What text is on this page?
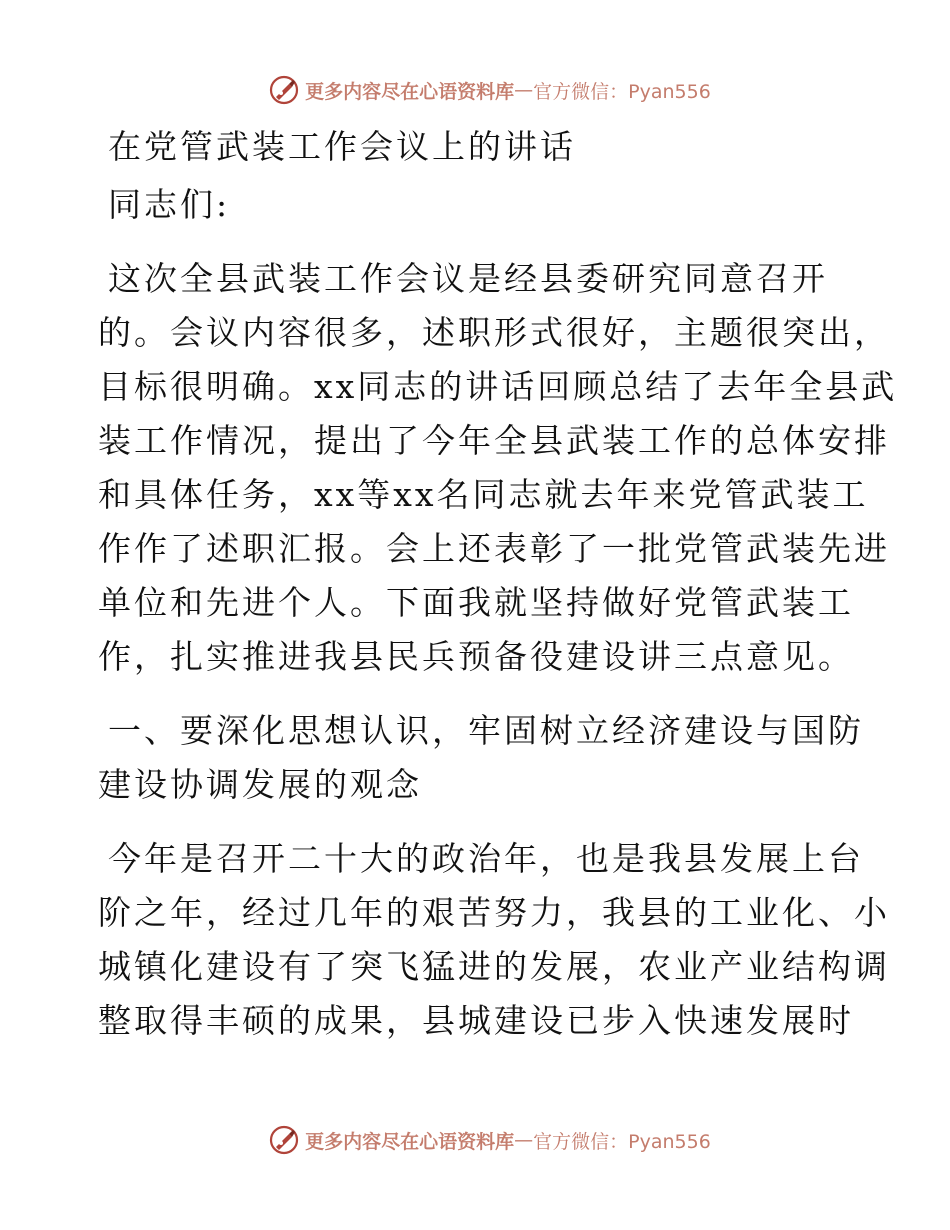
更多内容尽在心语资料库 — 官方微信：Pyan556
在党管武装工作会议上的讲话
同志们:
这次全县武装工作会议是经县委研究同意召开
的。会议内容很多，述职形式很好，主题很突出，
目标很明确。xx同志的讲话回顾总结了去年全县武
装工作情况，提出了今年全县武装工作的总体安排
和具体任务，xx等xx名同志就去年来党管武装工
作作了述职汇报。会上还表彰了一批党管武装先进
单位和先进个人。下面我就坚持做好党管武装工
作，扎实推进我县民兵预备役建设讲三点意见。
一、要深化思想认识，牢固树立经济建设与国防
建设协调发展的观念
今年是召开二十大的政治年，也是我县发展上台
阶之年，经过几年的艰苦努力，我县的工业化、小
城镇化建设有了突飞猛进的发展，农业产业结构调
整取得丰硕的成果，县城建设已步入快速发展时
更多内容尽在心语资料库 — 官方微信：Pyan556
